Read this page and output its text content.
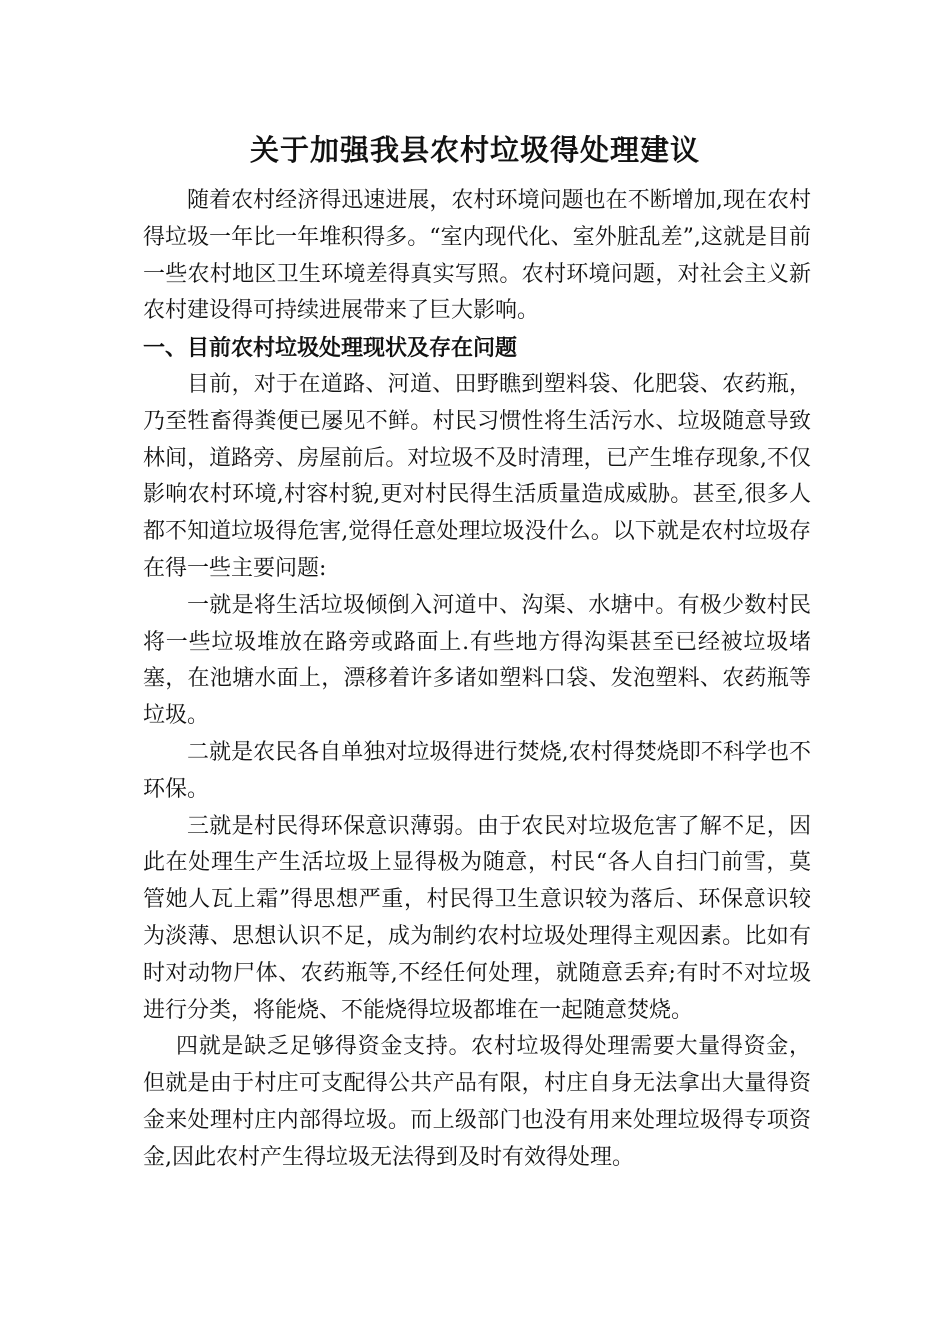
关于加强我县农村垃圾得处理建议

随着农村经济得迅速进展，农村环境问题也在不断增加,现在农村得垃圾一年比一年堆积得多。“室内现代化、室外脏乱差”,这就是目前一些农村地区卫生环境差得真实写照。农村环境问题，对社会主义新农村建设得可持续进展带来了巨大影响。

一、目前农村垃圾处理现状及存在问题

目前，对于在道路、河道、田野瞧到塑料袋、化肥袋、农药瓶，乃至牲畜得粪便已屡见不鲜。村民习惯性将生活污水、垃圾随意导致林间，道路旁、房屋前后。对垃圾不及时清理，已产生堆存现象,不仅影响农村环境,村容村貌,更对村民得生活质量造成威胁。甚至,很多人都不知道垃圾得危害,觉得任意处理垃圾没什么。以下就是农村垃圾存在得一些主要问题:

一就是将生活垃圾倾倒入河道中、沟渠、水塘中。有极少数村民将一些垃圾堆放在路旁或路面上.有些地方得沟渠甚至已经被垃圾堵塞，在池塘水面上，漂移着许多诸如塑料口袋、发泡塑料、农药瓶等垃圾。

二就是农民各自单独对垃圾得进行焚烧,农村得焚烧即不科学也不环保。

三就是村民得环保意识薄弱。由于农民对垃圾危害了解不足，因此在处理生产生活垃圾上显得极为随意，村民“各人自扫门前雪，莫管她人瓦上霜”得思想严重，村民得卫生意识较为落后、环保意识较为淡薄、思想认识不足，成为制约农村垃圾处理得主观因素。比如有时对动物尸体、农药瓶等,不经任何处理，就随意丢弃;有时不对垃圾进行分类，将能烧、不能烧得垃圾都堆在一起随意焚烧。

四就是缺乏足够得资金支持。农村垃圾得处理需要大量得资金，但就是由于村庄可支配得公共产品有限，村庄自身无法拿出大量得资金来处理村庄内部得垃圾。而上级部门也没有用来处理垃圾得专项资金,因此农村产生得垃圾无法得到及时有效得处理。
